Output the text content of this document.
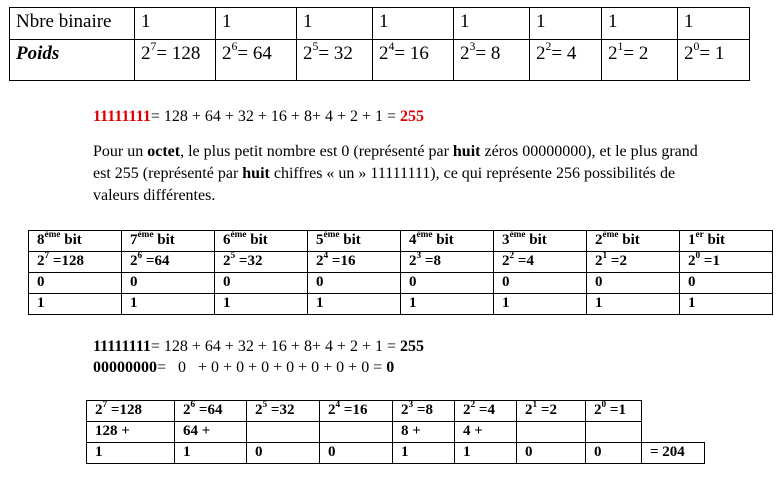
Nbre binaire	1	1	1	1	1	1	1	1
Poids	$2^7= 128$	$2^6= 64$	$2^5= 32$	$2^4= 16$	$2^3= 8$	$2^2= 4$	$2^1= 2$	$2^0= 1$
11111111= 128 + 64 + 32 + 16 + 8+ 4 + 2 + 1 = 255
Pour un octet, le plus petit nombre est 0 (représenté par huit zéros 00000000), et le plus grand est 255 (représenté par huit chiffres « un » 11111111), ce qui représente 256 possibilités de valeurs différentes.
8ème bit	7ème bit	6ème bit	5ème bit	4ème bit	3ème bit	2ème bit	1er bit
$2^7 =128$	$2^6 =64$	$2^5 =32$	$2^4 =16$	$2^3 =8$	$2^2 =4$	$2^1 =2$	$2^0 =1$
0	0	0	0	0	0	0	0
1	1	1	1	1	1	1	1
11111111= 128 + 64 + 32 + 16 + 8+ 4 + 2 + 1 = 255
00000000=   0   + 0 + 0 + 0 + 0 + 0 + 0 + 0 = 0
$2^7 =128$	$2^6 =64$	$2^5 =32$	$2^4 =16$	$2^3 =8$	$2^2 =4$	$2^1 =2$	$2^0 =1$	
128 +	64 +			8 +	4 +			
1	1	0	0	1	1	0	0	= 204
